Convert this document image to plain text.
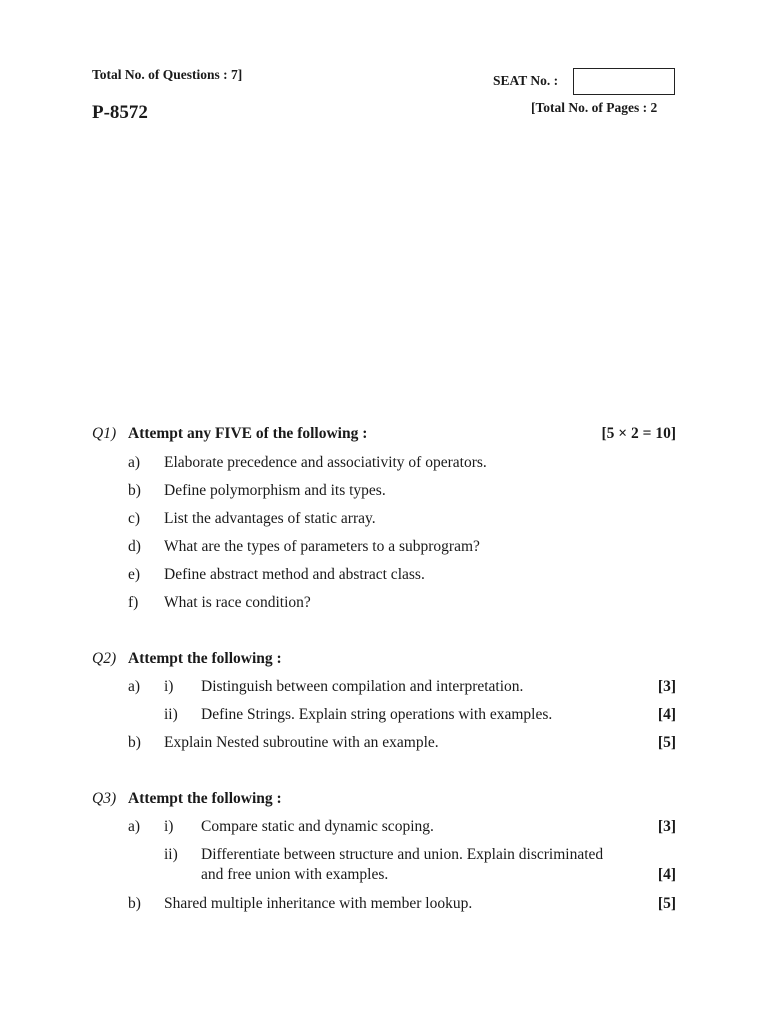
Total No. of Questions : 7]	SEAT No. :
P-8572	[Total No. of Pages : 2
Q1) Attempt any FIVE of the following :	[5 × 2 = 10]
a) Elaborate precedence and associativity of operators.
b) Define polymorphism and its types.
c) List the advantages of static array.
d) What are the types of parameters to a subprogram?
e) Define abstract method and abstract class.
f) What is race condition?
Q2) Attempt the following :
a) i) Distinguish between compilation and interpretation.	[3]
ii) Define Strings. Explain string operations with examples.	[4]
b) Explain Nested subroutine with an example.	[5]
Q3) Attempt the following :
a) i) Compare static and dynamic scoping.	[3]
ii) Differentiate between structure and union. Explain discriminated
and free union with examples.	[4]
b) Shared multiple inheritance with member lookup.	[5]
